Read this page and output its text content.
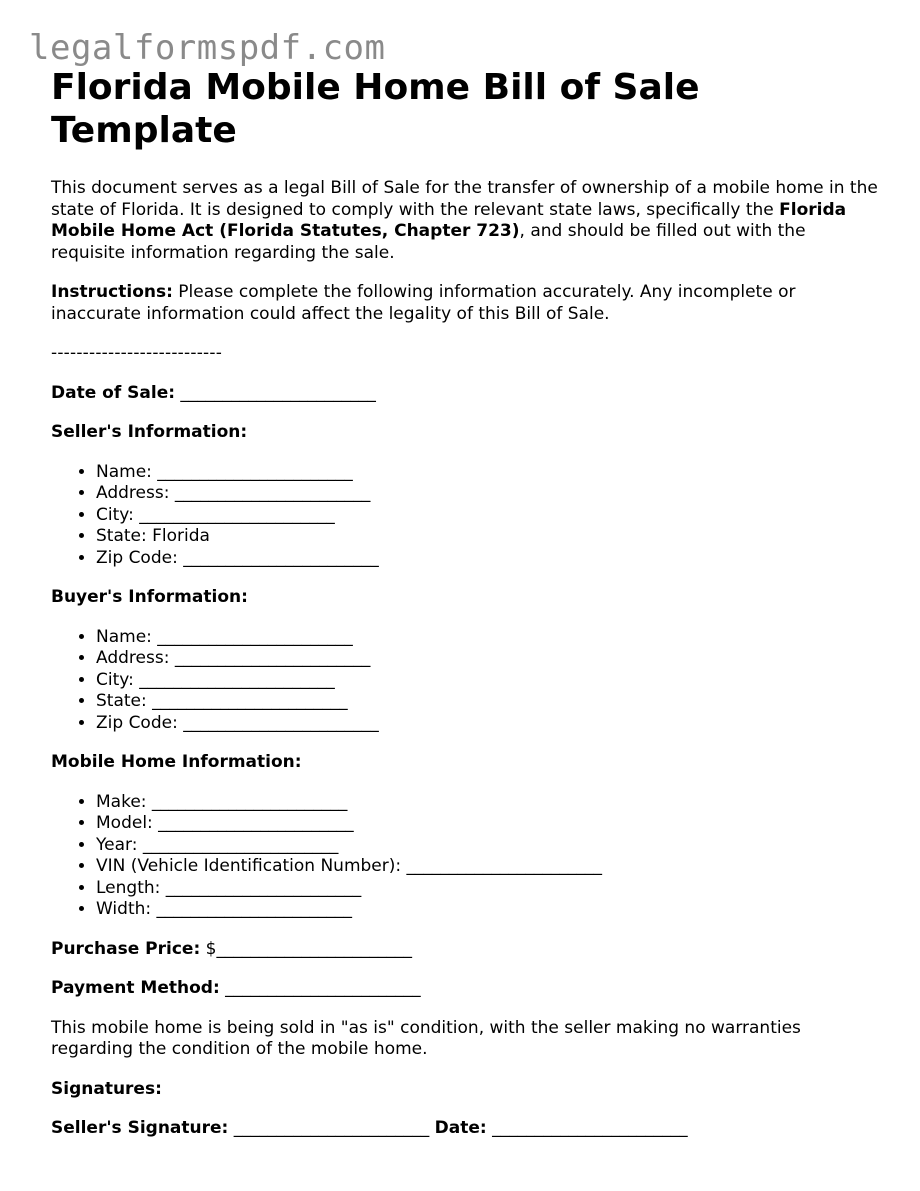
legalformspdf.com
Florida Mobile Home Bill of Sale Template

This document serves as a legal Bill of Sale for the transfer of ownership of a mobile home in the state of Florida. It is designed to comply with the relevant state laws, specifically the Florida Mobile Home Act (Florida Statutes, Chapter 723), and should be filled out with the requisite information regarding the sale.

Instructions: Please complete the following information accurately. Any incomplete or inaccurate information could affect the legality of this Bill of Sale.

---------------------------

Date of Sale: _______________________

Seller's Information:

• Name: _______________________
• Address: _______________________
• City: _______________________
• State: Florida
• Zip Code: _______________________

Buyer's Information:

• Name: _______________________
• Address: _______________________
• City: _______________________
• State: _______________________
• Zip Code: _______________________

Mobile Home Information:

• Make: _______________________
• Model: _______________________
• Year: _______________________
• VIN (Vehicle Identification Number): _______________________
• Length: _______________________
• Width: _______________________

Purchase Price: $_______________________

Payment Method: _______________________

This mobile home is being sold in "as is" condition, with the seller making no warranties regarding the condition of the mobile home.

Signatures:

Seller's Signature: _______________________ Date: _______________________
